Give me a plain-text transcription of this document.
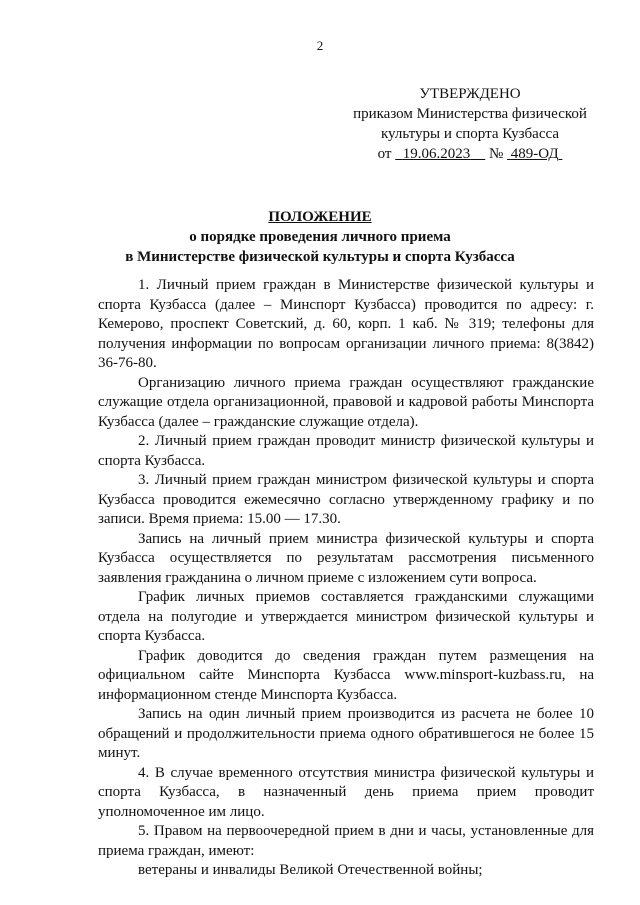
2
УТВЕРЖДЕНО
приказом Министерства физической
культуры и спорта Кузбасса
от 19.06.2023 № 489-ОД
ПОЛОЖЕНИЕ
о порядке проведения личного приема
в Министерстве физической культуры и спорта Кузбасса

1. Личный прием граждан в Министерстве физической культуры и спорта Кузбасса (далее – Минспорт Кузбасса) проводится по адресу: г. Кемерово, проспект Советский, д. 60, корп. 1 каб. № 319; телефоны для получения информации по вопросам организации личного приема: 8(3842) 36-76-80.

Организацию личного приема граждан осуществляют гражданские служащие отдела организационной, правовой и кадровой работы Минспорта Кузбасса (далее – гражданские служащие отдела).

2. Личный прием граждан проводит министр физической культуры и спорта Кузбасса.

3. Личный прием граждан министром физической культуры и спорта Кузбасса проводится ежемесячно согласно утвержденному графику и по записи. Время приема: 15.00 — 17.30.

Запись на личный прием министра физической культуры и спорта Кузбасса осуществляется по результатам рассмотрения письменного заявления гражданина о личном приеме с изложением сути вопроса.

График личных приемов составляется гражданскими служащими отдела на полугодие и утверждается министром физической культуры и спорта Кузбасса.

График доводится до сведения граждан путем размещения на официальном сайте Минспорта Кузбасса www.minsport-kuzbass.ru, на информационном стенде Минспорта Кузбасса.

Запись на один личный прием производится из расчета не более 10 обращений и продолжительности приема одного обратившегося не более 15 минут.

4. В случае временного отсутствия министра физической культуры и спорта Кузбасса, в назначенный день приема прием проводит уполномоченное им лицо.

5. Правом на первоочередной прием в дни и часы, установленные для приема граждан, имеют:

ветераны и инвалиды Великой Отечественной войны;
